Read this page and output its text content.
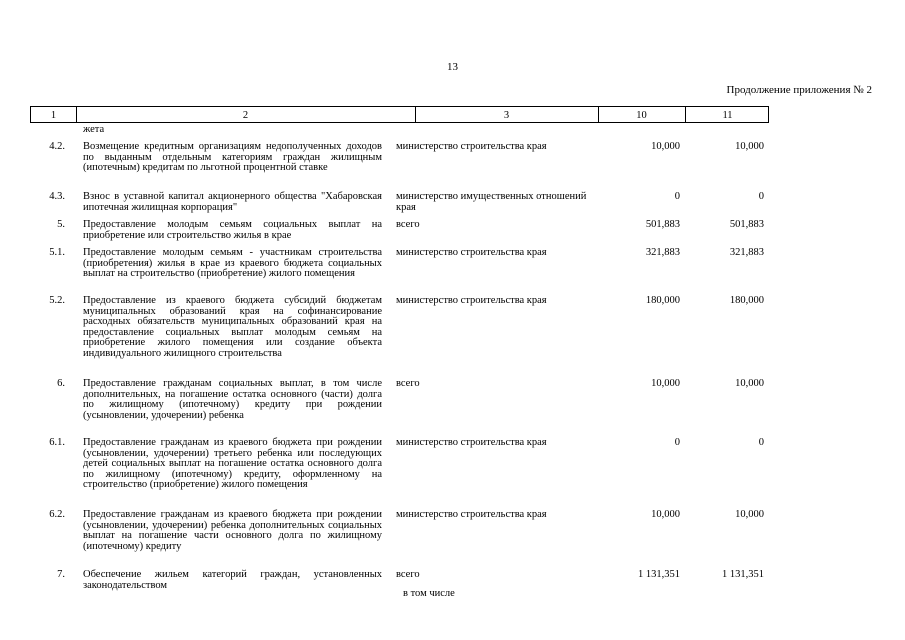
13
Продолжение приложения № 2
1	2	3	10	11
жета
4.2. Возмещение кредитным организациям недополученных доходов по выданным отдельным категориям граждан жилищным (ипотечным) кредитам по льготной процентной ставке
министерство строительства края	10,000	10,000
4.3. Взнос в уставной капитал акционерного общества "Хабаровская ипотечная жилищная корпорация"
министерство имущественных отношений края
0	0
5. Предоставление молодым семьям социальных выплат на приобретение или строительство жилья в крае
всего	501,883	501,883
5.1. Предоставление молодым семьям - участникам строительства (приобретения) жилья в крае из краевого бюджета социальных выплат на строительство (приобретение) жилого помещения
министерство строительства края	321,883	321,883
5.2. Предоставление из краевого бюджета субсидий бюджетам муниципальных образований края на софинансирование расходных обязательств муниципальных образований края на предоставление социальных выплат молодым семьям на приобретение жилого помещения или создание объекта индивидуального жилищного строительства
министерство строительства края	180,000	180,000
6. Предоставление гражданам социальных выплат, в том числе дополнительных, на погашение остатка основного (части) долга по жилищному (ипотечному) кредиту при рождении (усыновлении, удочерении) ребенка
всего	10,000	10,000
6.1. Предоставление гражданам из краевого бюджета при рождении (усыновлении, удочерении) третьего ребенка или последующих детей социальных выплат на погашение остатка основного долга по жилищному (ипотечному) кредиту, оформленному на строительство (приобретение) жилого помещения
министерство строительства края	0	0
6.2. Предоставление гражданам из краевого бюджета при рождении (усыновлении, удочерении) ребенка дополнительных социальных выплат на погашение части основного долга по жилищному (ипотечному) кредиту
министерство строительства края	10,000	10,000
7. Обеспечение жильем категорий граждан, установленных законодательством
всего	1 131,351	1 131,351
в том числе
